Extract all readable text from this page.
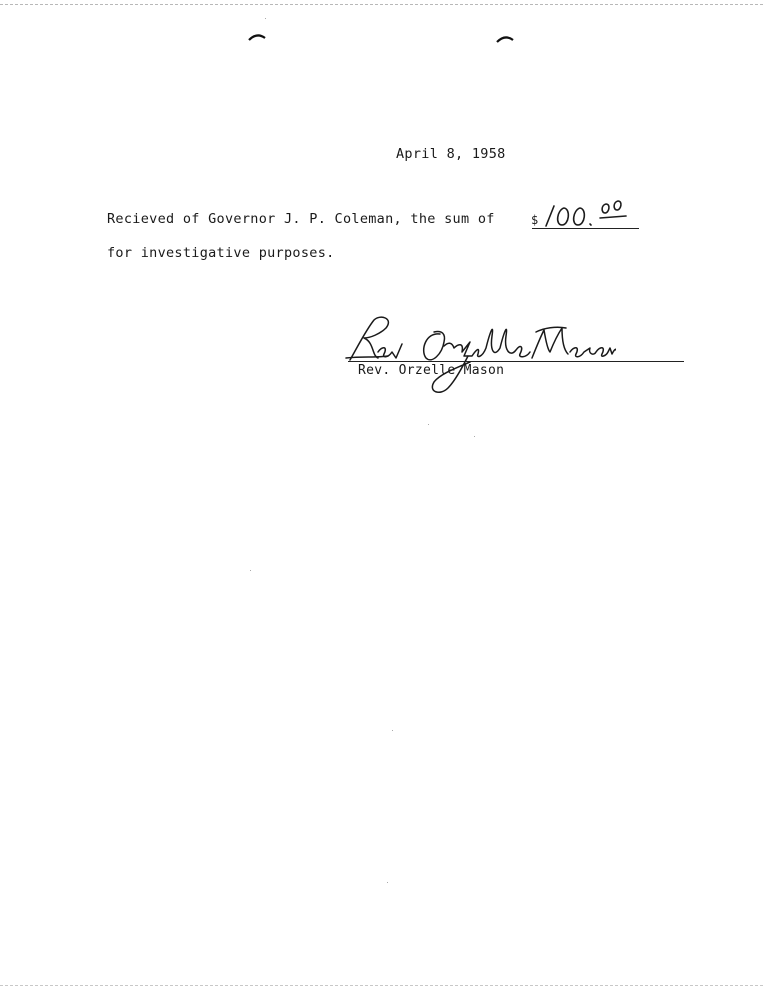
April 8, 1958
Recieved of Governor J. P. Coleman, the sum of	$
for investigative purposes.
Rev. Orzelle Mason
